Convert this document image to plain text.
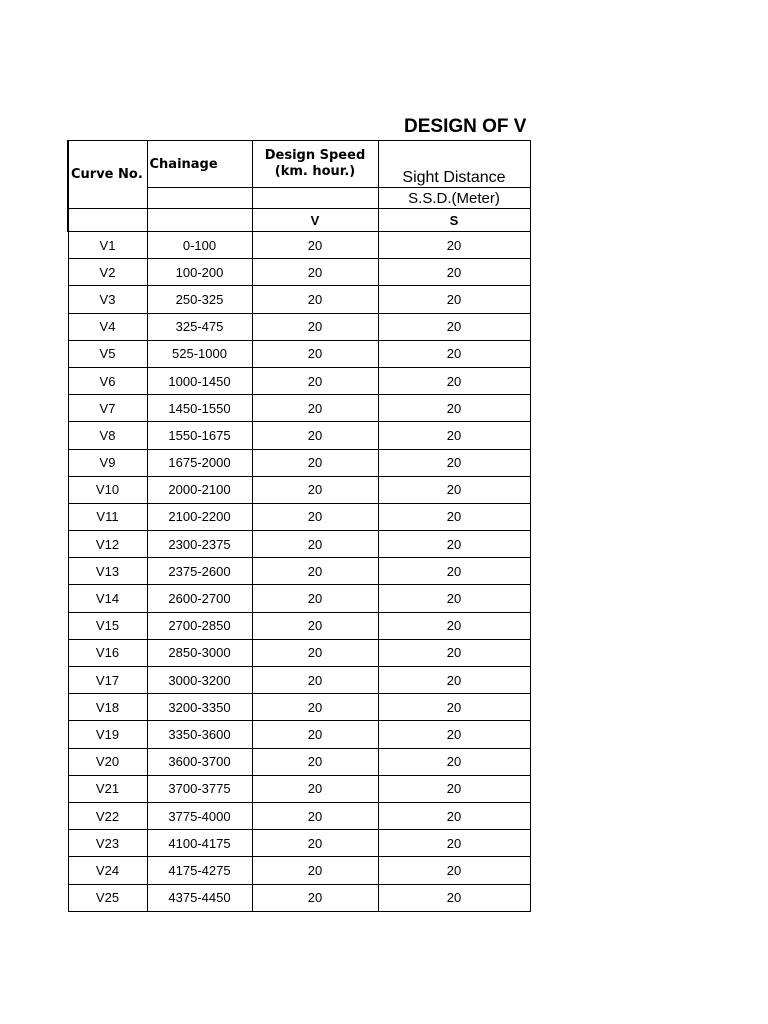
DESIGN OF V
Curve No.	Chainage	Design Speed (km. hour.)	Sight Distance
			S.S.D.(Meter)
		V	S
V1	0-100	20	20
V2	100-200	20	20
V3	250-325	20	20
V4	325-475	20	20
V5	525-1000	20	20
V6	1000-1450	20	20
V7	1450-1550	20	20
V8	1550-1675	20	20
V9	1675-2000	20	20
V10	2000-2100	20	20
V11	2100-2200	20	20
V12	2300-2375	20	20
V13	2375-2600	20	20
V14	2600-2700	20	20
V15	2700-2850	20	20
V16	2850-3000	20	20
V17	3000-3200	20	20
V18	3200-3350	20	20
V19	3350-3600	20	20
V20	3600-3700	20	20
V21	3700-3775	20	20
V22	3775-4000	20	20
V23	4100-4175	20	20
V24	4175-4275	20	20
V25	4375-4450	20	20
